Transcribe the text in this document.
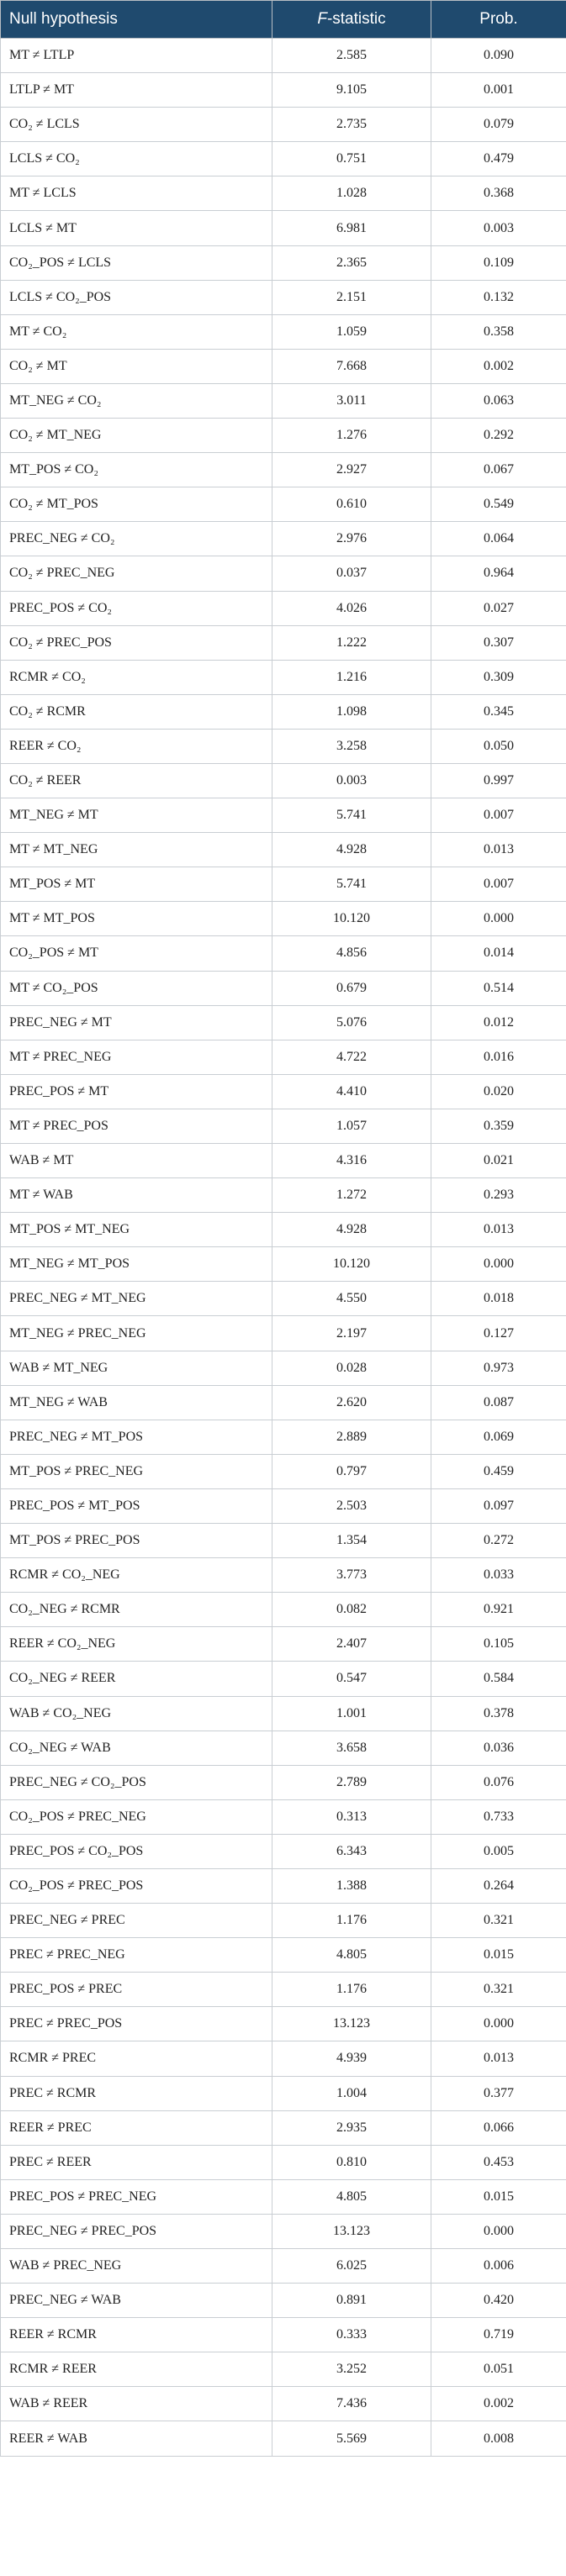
Null hypothesis	F-statistic	Prob.
MT ≠ LTLP	2.585	0.090
LTLP ≠ MT	9.105	0.001
CO₂ ≠ LCLS	2.735	0.079
LCLS ≠ CO₂	0.751	0.479
MT ≠ LCLS	1.028	0.368
LCLS ≠ MT	6.981	0.003
CO₂_POS ≠ LCLS	2.365	0.109
LCLS ≠ CO₂_POS	2.151	0.132
MT ≠ CO₂	1.059	0.358
CO₂ ≠ MT	7.668	0.002
MT_NEG ≠ CO₂	3.011	0.063
CO₂ ≠ MT_NEG	1.276	0.292
MT_POS ≠ CO₂	2.927	0.067
CO₂ ≠ MT_POS	0.610	0.549
PREC_NEG ≠ CO₂	2.976	0.064
CO₂ ≠ PREC_NEG	0.037	0.964
PREC_POS ≠ CO₂	4.026	0.027
CO₂ ≠ PREC_POS	1.222	0.307
RCMR ≠ CO₂	1.216	0.309
CO₂ ≠ RCMR	1.098	0.345
REER ≠ CO₂	3.258	0.050
CO₂ ≠ REER	0.003	0.997
MT_NEG ≠ MT	5.741	0.007
MT ≠ MT_NEG	4.928	0.013
MT_POS ≠ MT	5.741	0.007
MT ≠ MT_POS	10.120	0.000
CO₂_POS ≠ MT	4.856	0.014
MT ≠ CO₂_POS	0.679	0.514
PREC_NEG ≠ MT	5.076	0.012
MT ≠ PREC_NEG	4.722	0.016
PREC_POS ≠ MT	4.410	0.020
MT ≠ PREC_POS	1.057	0.359
WAB ≠ MT	4.316	0.021
MT ≠ WAB	1.272	0.293
MT_POS ≠ MT_NEG	4.928	0.013
MT_NEG ≠ MT_POS	10.120	0.000
PREC_NEG ≠ MT_NEG	4.550	0.018
MT_NEG ≠ PREC_NEG	2.197	0.127
WAB ≠ MT_NEG	0.028	0.973
MT_NEG ≠ WAB	2.620	0.087
PREC_NEG ≠ MT_POS	2.889	0.069
MT_POS ≠ PREC_NEG	0.797	0.459
PREC_POS ≠ MT_POS	2.503	0.097
MT_POS ≠ PREC_POS	1.354	0.272
RCMR ≠ CO₂_NEG	3.773	0.033
CO₂_NEG ≠ RCMR	0.082	0.921
REER ≠ CO₂_NEG	2.407	0.105
CO₂_NEG ≠ REER	0.547	0.584
WAB ≠ CO₂_NEG	1.001	0.378
CO₂_NEG ≠ WAB	3.658	0.036
PREC_NEG ≠ CO₂_POS	2.789	0.076
CO₂_POS ≠ PREC_NEG	0.313	0.733
PREC_POS ≠ CO₂_POS	6.343	0.005
CO₂_POS ≠ PREC_POS	1.388	0.264
PREC_NEG ≠ PREC	1.176	0.321
PREC ≠ PREC_NEG	4.805	0.015
PREC_POS ≠ PREC	1.176	0.321
PREC ≠ PREC_POS	13.123	0.000
RCMR ≠ PREC	4.939	0.013
PREC ≠ RCMR	1.004	0.377
REER ≠ PREC	2.935	0.066
PREC ≠ REER	0.810	0.453
PREC_POS ≠ PREC_NEG	4.805	0.015
PREC_NEG ≠ PREC_POS	13.123	0.000
WAB ≠ PREC_NEG	6.025	0.006
PREC_NEG ≠ WAB	0.891	0.420
REER ≠ RCMR	0.333	0.719
RCMR ≠ REER	3.252	0.051
WAB ≠ REER	7.436	0.002
REER ≠ WAB	5.569	0.008
